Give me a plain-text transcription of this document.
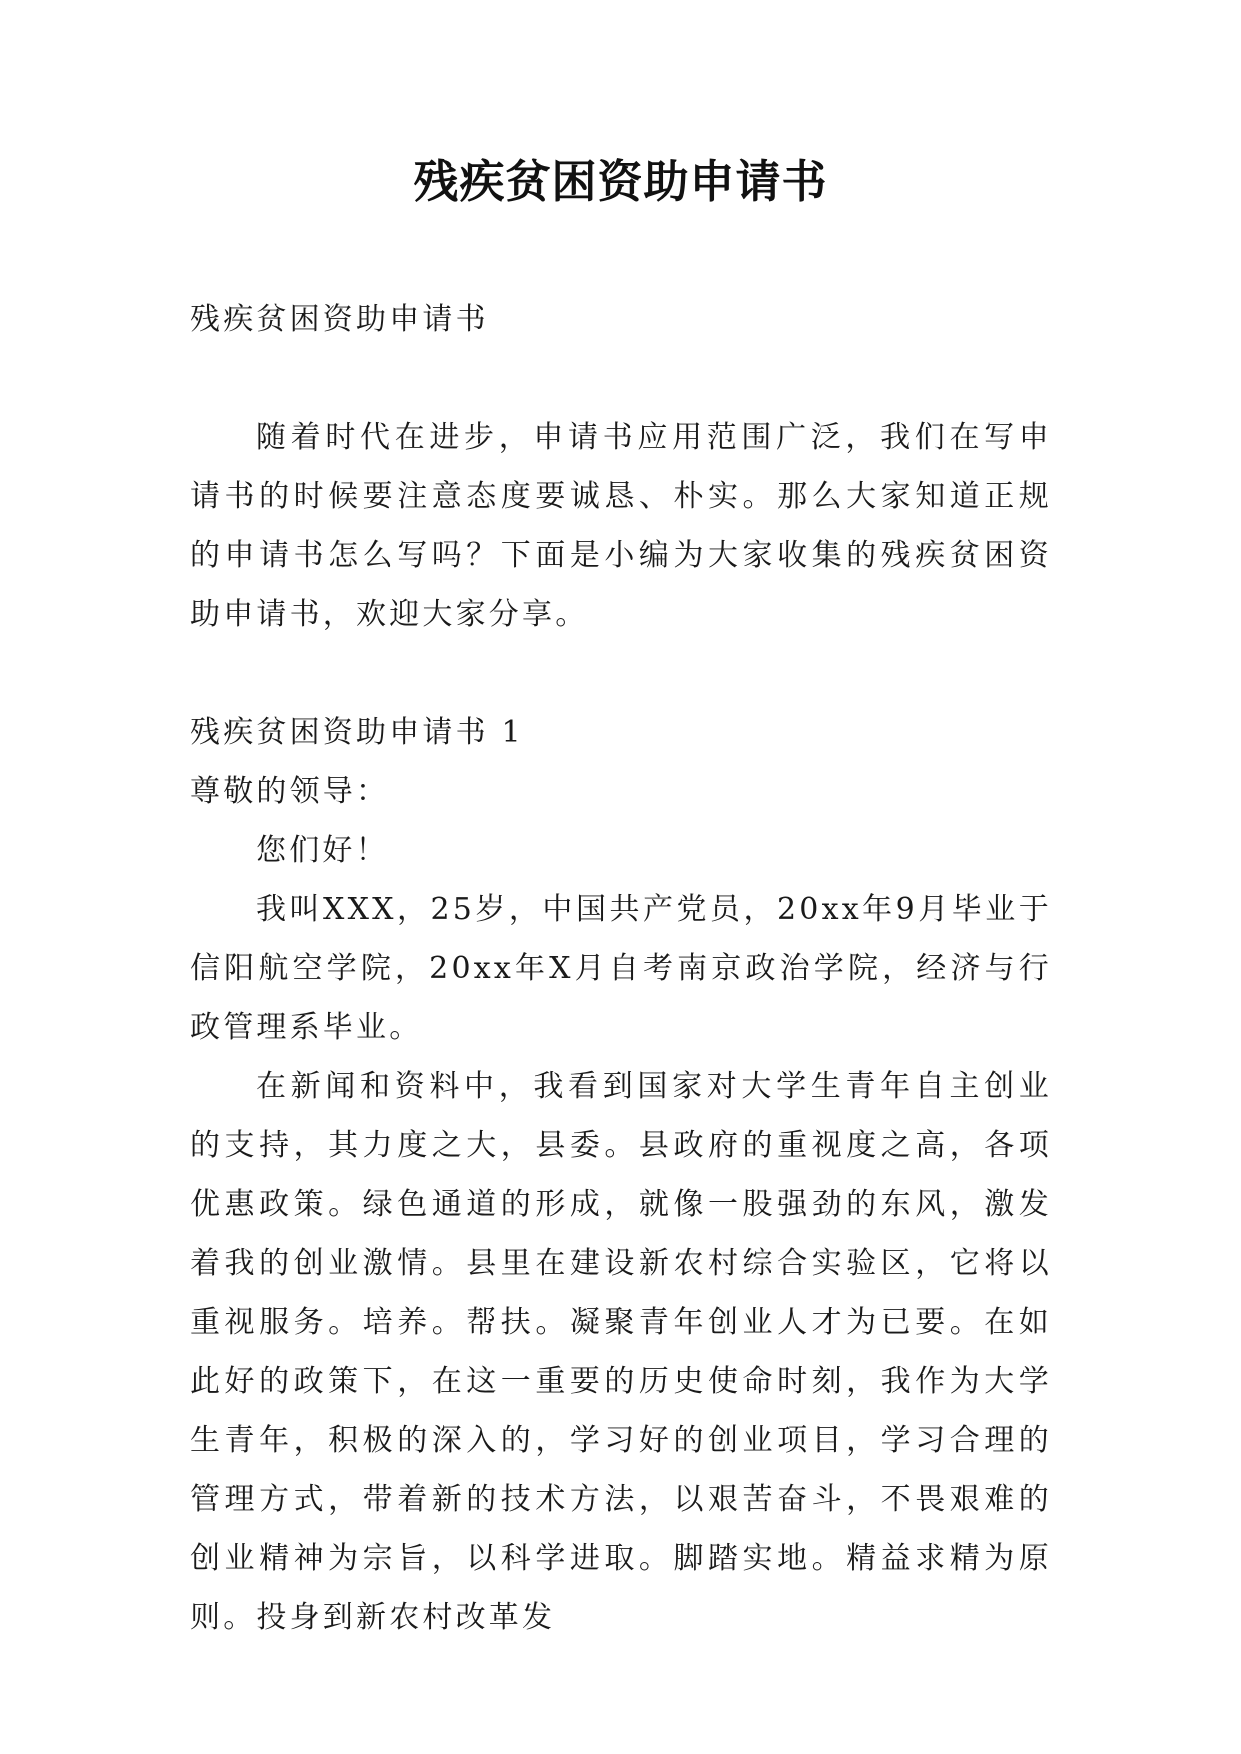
残疾贫困资助申请书

残疾贫困资助申请书

随着时代在进步，申请书应用范围广泛，我们在写申请书的时候要注意态度要诚恳、朴实。那么大家知道正规的申请书怎么写吗？下面是小编为大家收集的残疾贫困资助申请书，欢迎大家分享。

残疾贫困资助申请书 1

尊敬的领导：

您们好！

我叫XXX，25岁，中国共产党员，20xx年9月毕业于信阳航空学院，20xx年X月自考南京政治学院，经济与行政管理系毕业。

在新闻和资料中，我看到国家对大学生青年自主创业的支持，其力度之大，县委。县政府的重视度之高，各项优惠政策。绿色通道的形成，就像一股强劲的东风，激发着我的创业激情。县里在建设新农村综合实验区，它将以重视服务。培养。帮扶。凝聚青年创业人才为已要。在如此好的政策下，在这一重要的历史使命时刻，我作为大学生青年，积极的深入的，学习好的创业项目，学习合理的管理方式，带着新的技术方法，以艰苦奋斗，不畏艰难的创业精神为宗旨，以科学进取。脚踏实地。精益求精为原则。投身到新农村改革发
